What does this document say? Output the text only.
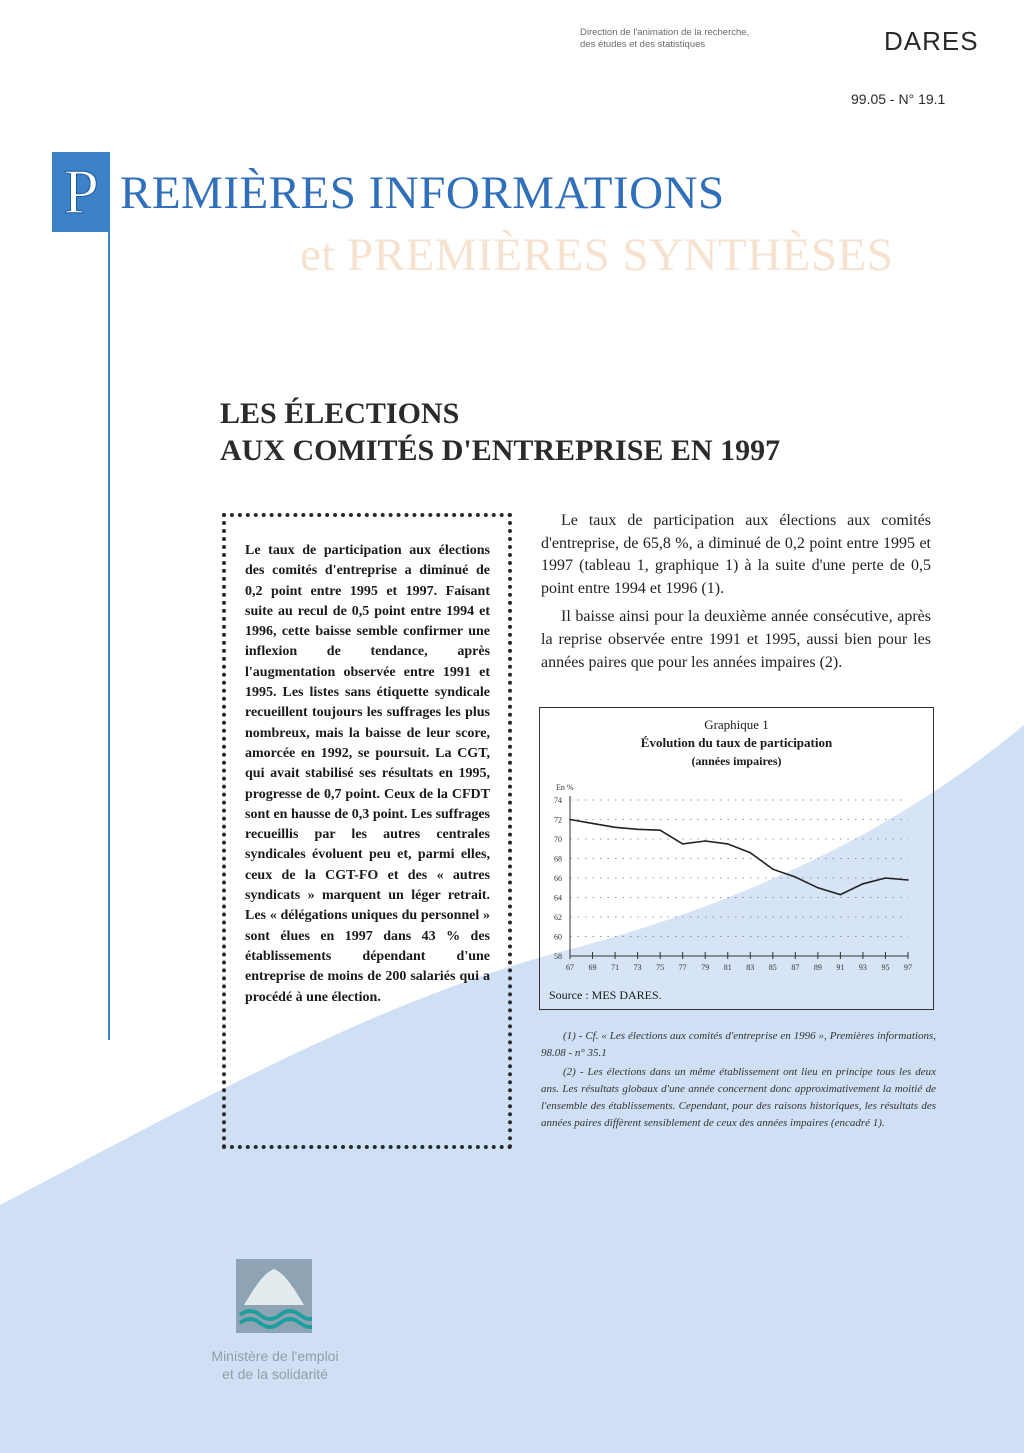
Direction de l'animation de la recherche,
des études et des statistiques	DARES
99.05 - N° 19.1
P REMIÈRES INFORMATIONS
et PREMIÈRES SYNTHÈSES
LES ÉLECTIONS
AUX COMITÉS D'ENTREPRISE EN 1997
Le taux de participation aux élections des comités d'entreprise a diminué de 0,2 point entre 1995 et 1997. Faisant suite au recul de 0,5 point entre 1994 et 1996, cette baisse semble confirmer une inflexion de tendance, après l'augmentation observée entre 1991 et 1995. Les listes sans étiquette syndicale recueillent toujours les suffrages les plus nombreux, mais la baisse de leur score, amorcée en 1992, se poursuit. La CGT, qui avait stabilisé ses résultats en 1995, progresse de 0,7 point. Ceux de la CFDT sont en hausse de 0,3 point. Les suffrages recueillis par les autres centrales syndicales évoluent peu et, parmi elles, ceux de la CGT-FO et des « autres syndicats » marquent un léger retrait. Les « délégations uniques du personnel » sont élues en 1997 dans 43 % des établissements dépendant d'une entreprise de moins de 200 salariés qui a procédé à une élection.

Le taux de participation aux élections aux comités d'entreprise, de 65,8 %, a diminué de 0,2 point entre 1995 et 1997 (tableau 1, graphique 1) à la suite d'une perte de 0,5 point entre 1994 et 1996 (1).

Il baisse ainsi pour la deuxième année consécutive, après la reprise observée entre 1991 et 1995, aussi bien pour les années paires que pour les années impaires (2).

Graphique 1
Évolution du taux de participation
(années impaires)
En %
58
60
62
64
66
68
70
72
74
67 69 71 73 75 77 79 81 83 85 87 89 91 93 95 97
Source : MES DARES.

(1) - Cf. « Les élections aux comités d'entreprise en 1996 », Premières informations, 98.08 - n° 35.1

(2) - Les élections dans un même établissement ont lieu en principe tous les deux ans. Les résultats globaux d'une année concernent donc approximativement la moitié de l'ensemble des établissements. Cependant, pour des raisons historiques, les résultats des années paires diffèrent sensiblement de ceux des années impaires (encadré 1).

Ministère de l'emploi
et de la solidarité
